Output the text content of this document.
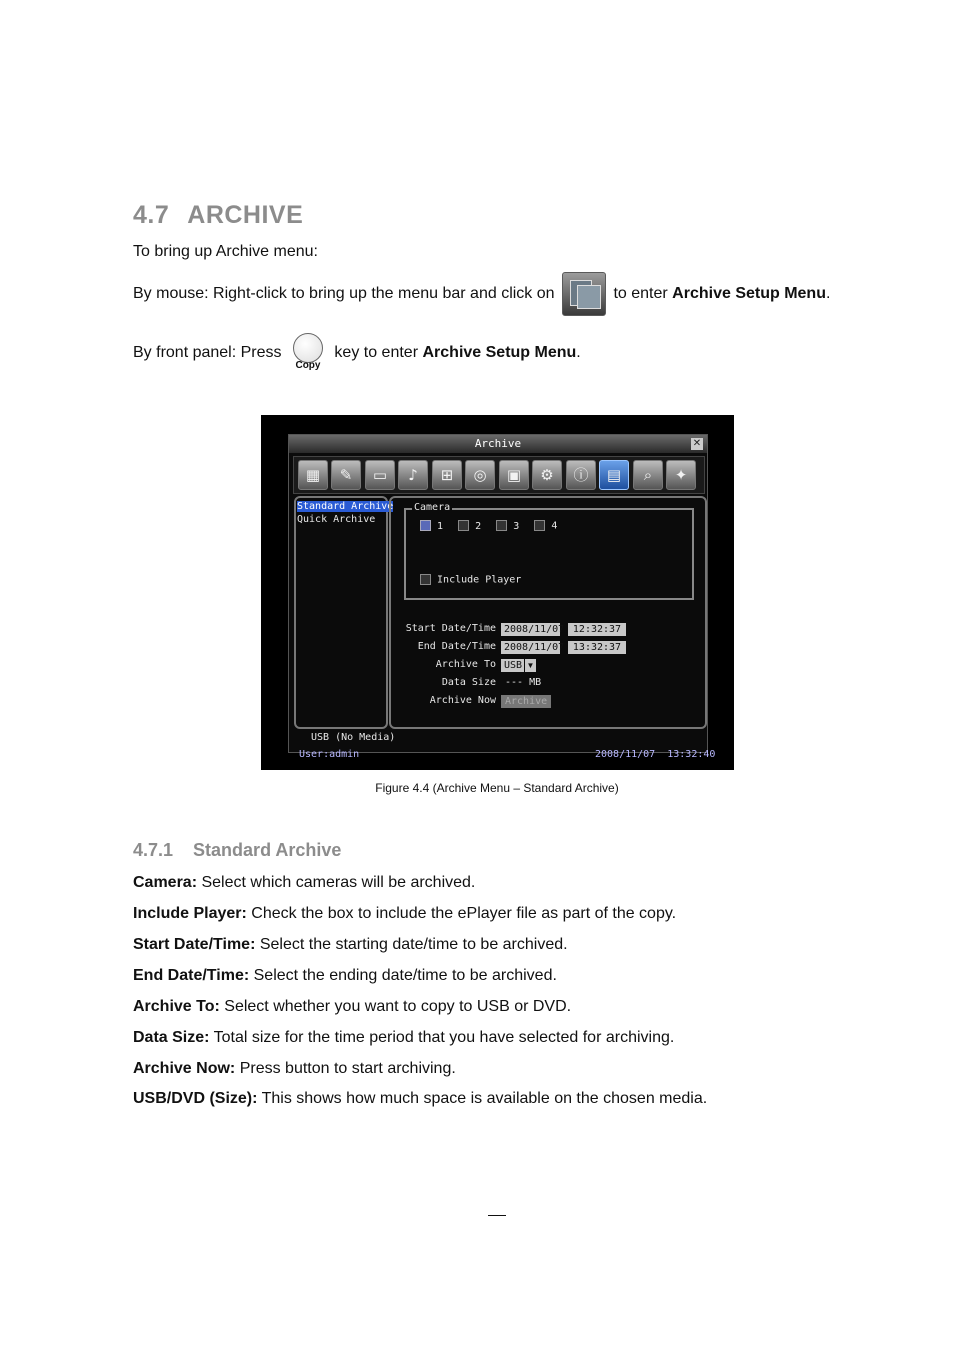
4.7 ARCHIVE
To bring up Archive menu:
By mouse: Right-click to bring up the menu bar and click on	to enter Archive Setup Menu.
By front panel: Press
Copy
key to enter Archive Setup Menu.
Archive	✕
▦	✎	▭	♪	⊞	◎	▣	⚙	ⓘ	▤	⌕	✦
Standard Archive
Quick Archive
Camera
1	2	3	4
Include Player
Start Date/Time 2008/11/07 12:32:37
End Date/Time 2008/11/07 13:32:37
Archive To USB ▼
Data Size --- MB
Archive Now Archive
USB (No Media)
User:admin	2008/11/07  13:32:40
Figure 4.4 (Archive Menu – Standard Archive)
4.7.1 Standard Archive
Camera: Select which cameras will be archived.
Include Player: Check the box to include the ePlayer file as part of the copy.
Start Date/Time: Select the starting date/time to be archived.
End Date/Time: Select the ending date/time to be archived.
Archive To: Select whether you want to copy to USB or DVD.
Data Size: Total size for the time period that you have selected for archiving.
Archive Now: Press button to start archiving.
USB/DVD (Size): This shows how much space is available on the chosen media.
